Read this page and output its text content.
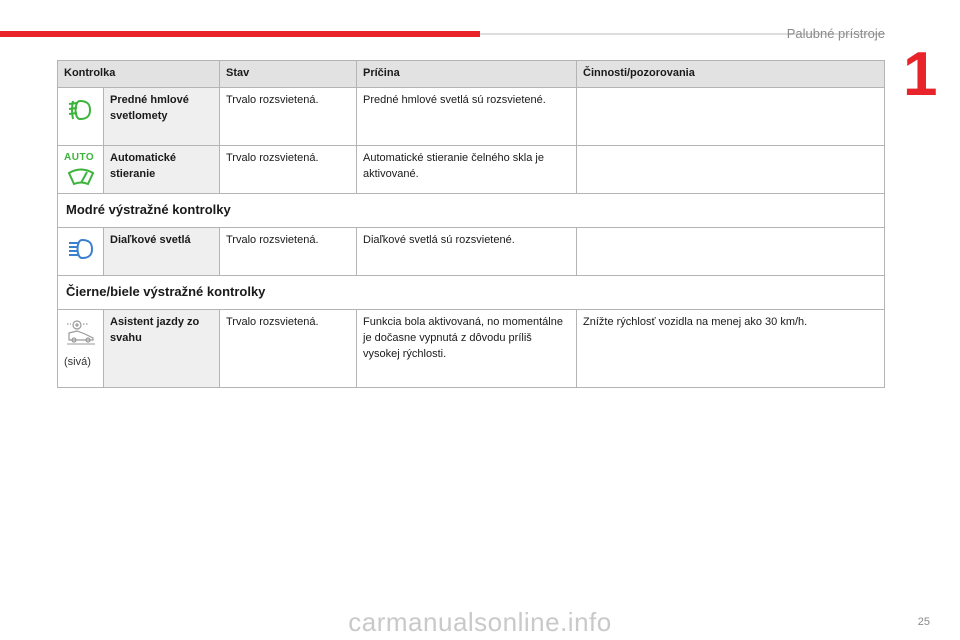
Palubné prístroje
1
Kontrolka		Stav	Príčina	Činnosti/pozorovania

	Predné hmlové svetlomety	Trvalo rozsvietená.	Predné hmlové svetlá sú rozsvietené.	

AUTO	Automatické stieranie	Trvalo rozsvietená.	Automatické stieranie čelného skla je aktivované.	
Modré výstražné kontrolky				

	Diaľkové svetlá	Trvalo rozsvietená.	Diaľkové svetlá sú rozsvietené.	
Čierne/biele výstražné kontrolky				

(sivá)	Asistent jazdy zo svahu	Trvalo rozsvietená.	Funkcia bola aktivovaná, no momentálne je dočasne vypnutá z dôvodu príliš vysokej rýchlosti.	Znížte rýchlosť vozidla na menej ako 30 km/h.
25
carmanualsonline.info
